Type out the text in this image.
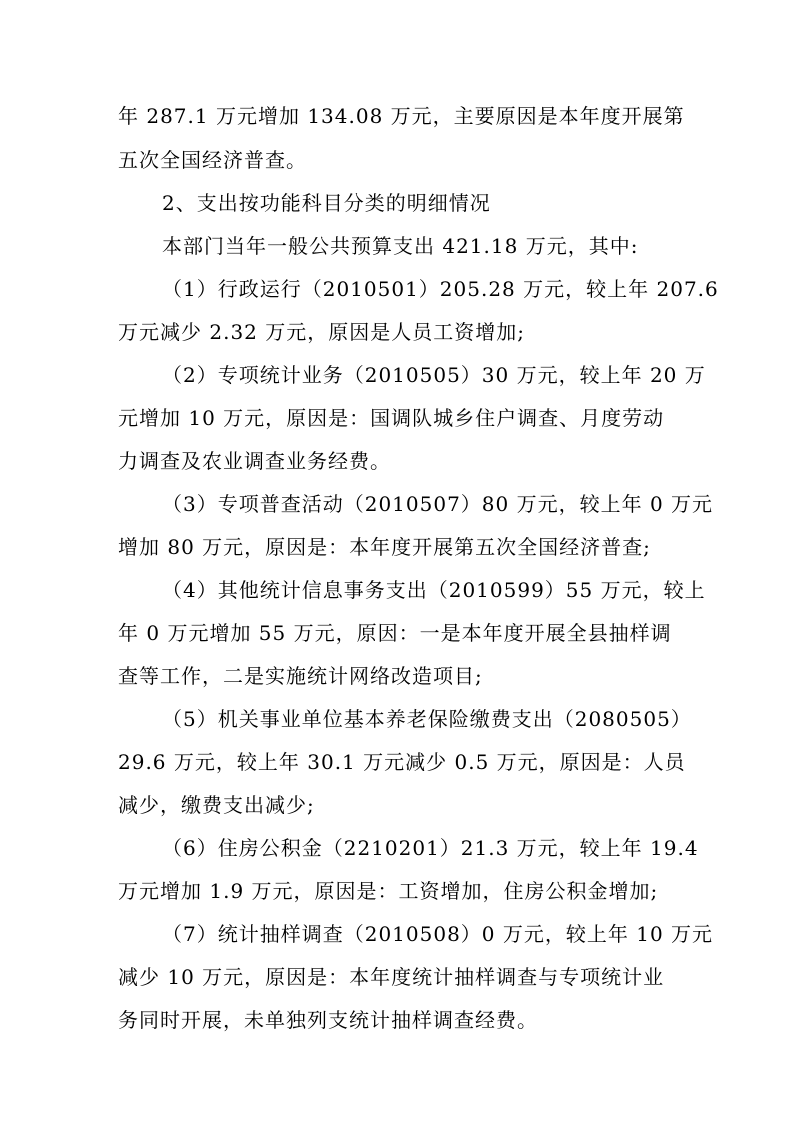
年 287.1 万元增加 134.08 万元，主要原因是本年度开展第
五次全国经济普查。
2、支出按功能科目分类的明细情况
本部门当年一般公共预算支出 421.18 万元，其中:
（1）行政运行（2010501）205.28 万元，较上年 207.6
万元减少 2.32 万元，原因是人员工资增加;
（2）专项统计业务（2010505）30 万元，较上年 20 万
元增加 10 万元，原因是：国调队城乡住户调查、月度劳动
力调查及农业调查业务经费。
（3）专项普查活动（2010507）80 万元，较上年 0 万元
增加 80 万元，原因是：本年度开展第五次全国经济普查;
（4）其他统计信息事务支出（2010599）55 万元，较上
年 0 万元增加 55 万元，原因：一是本年度开展全县抽样调
查等工作，二是实施统计网络改造项目;
（5）机关事业单位基本养老保险缴费支出（2080505）
29.6 万元，较上年 30.1 万元减少 0.5 万元，原因是：人员
减少，缴费支出减少;
（6）住房公积金（2210201）21.3 万元，较上年 19.4
万元增加 1.9 万元，原因是：工资增加，住房公积金增加;
（7）统计抽样调查（2010508）0 万元，较上年 10 万元
减少 10 万元，原因是：本年度统计抽样调查与专项统计业
务同时开展，未单独列支统计抽样调查经费。
